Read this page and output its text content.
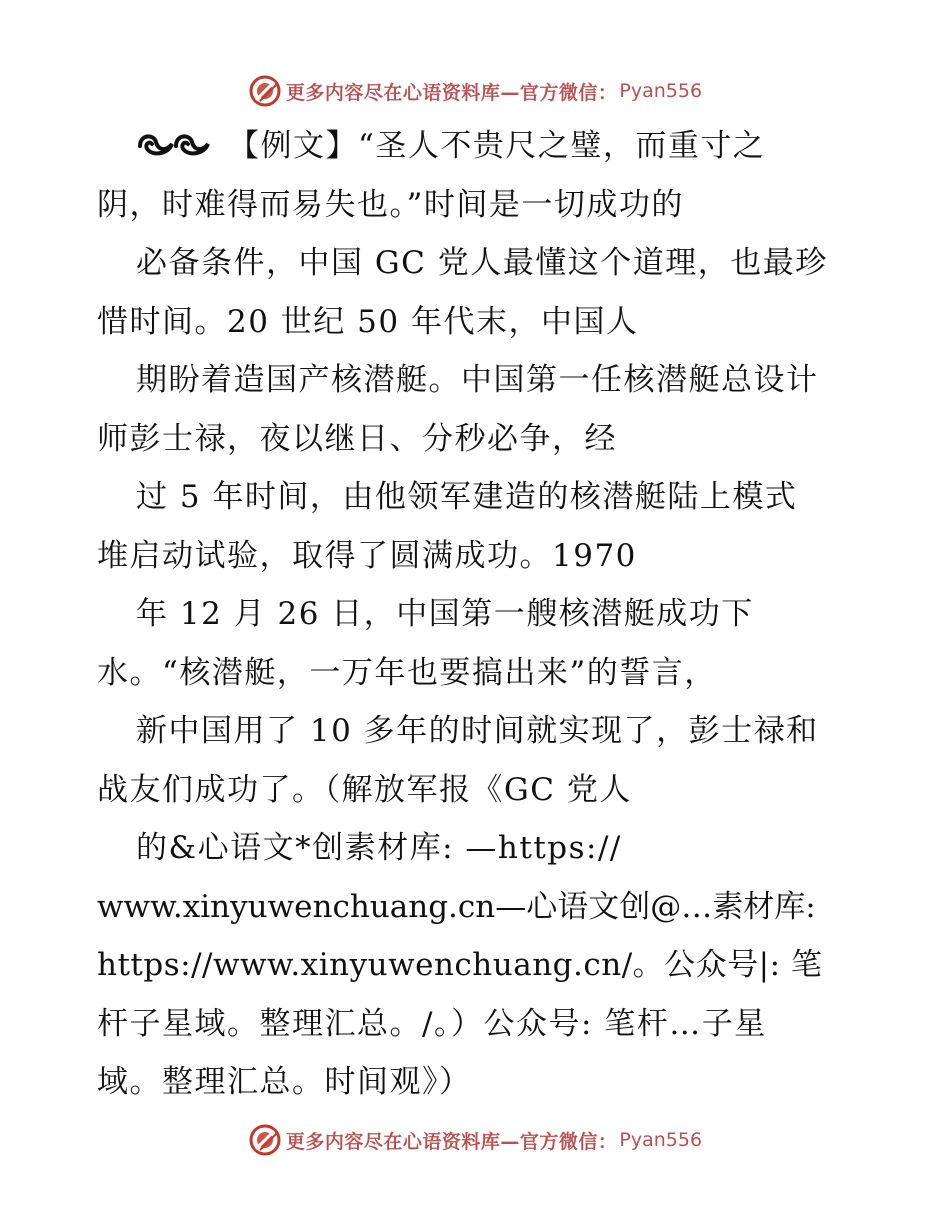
更多内容尽在心语资料库—官方微信： Pyan556
【例文】“圣人不贵尺之璧，而重寸之
阴，时难得而易失也。”时间是一切成功的
必备条件，中国 GC 党人最懂这个道理，也最珍
惜时间。20 世纪 50 年代末，中国人
期盼着造国产核潜艇。中国第一任核潜艇总设计
师彭士禄，夜以继日、分秒必争，经
过 5 年时间，由他领军建造的核潜艇陆上模式
堆启动试验，取得了圆满成功。1970
年 12 月 26 日，中国第一艘核潜艇成功下
水。“核潜艇，一万年也要搞出来”的誓言，
新中国用了 10 多年的时间就实现了，彭士禄和
战友们成功了。（解放军报《GC 党人
的&心语文*创素材库: —https://
www.xinyuwenchuang.cn—心语文创@…素材库:
https://www.xinyuwenchuang.cn/。公众号|: 笔
杆子星域。整理汇总。/。）公众号: 笔杆…子星
域。整理汇总。时间观》）
更多内容尽在心语资料库—官方微信： Pyan556
